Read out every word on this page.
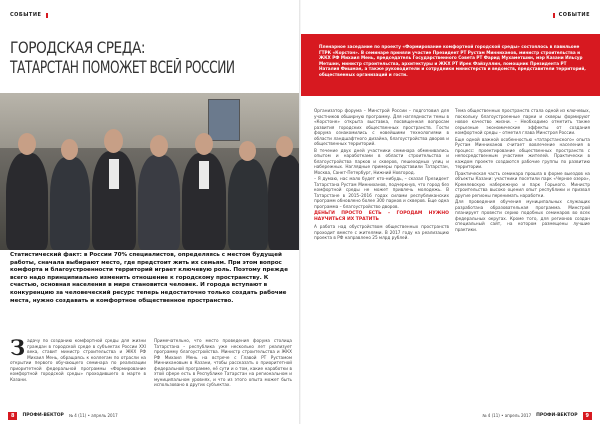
СОБЫТИЕ
ГОРОДСКАЯ СРЕДА:
ТАТАРСТАН ПОМОЖЕТ ВСЕЙ РОССИИ

Статистический факт: в России 70% специалистов, определяясь с местом будущей работы, сначала выбирают место, где предстоит жить их семьям. При этом вопрос комфорта и благоустроенности территорий играет ключевую роль. Поэтому прежде всего надо принципиально изменить отношение к городскому пространству. К счастью, основная населения в мире становится человек. И города вступают в конкуренцию за человеческий ресурс теперь недостаточно только создать рабочие места, нужно создавать и комфортное общественное пространство.

З адачу по созданию комфортной среды для жизни граждан в городской среде в субъектах России XXI века, ставит министр строительства и ЖКХ РФ Михаил Мень, обращаясь к коллегам по отрасли на открытии первого обучающего семинара по реализации приоритетной федеральной программы «Формирование комфортной городской среды» проходившего в марте в Казани.
Примечательно, что место проведения форума столица Татарстана – республика уже несколько лет реализует программу благоустройства. Министр строительства и ЖКХ РФ Михаил Мень на встрече с Главой РТ Рустамом Миннихановым в Казани, чтобы рассказать о приоритетной федеральной программе, её сути и о том, какие наработки в этой сфере есть в Республике Татарстан на региональном и муниципальном уровнях, и что из этого опыта может быть использовано в других субъектах.
8	ПРОФИ-ВЕКТОР № 4 (11) • апрель 2017
СОБЫТИЕ
Пленарное заседание по проекту «Формирование комфортной городской среды» состоялось в павильоне ГТРК «Корстон». В семинаре приняли участие Президент РТ Рустам Минниханов, министр строительства и ЖКХ РФ Михаил Мень, председатель Государственного Совета РТ Фарид Мухаметшин, мэр Казани Ильсур Метшин, министр строительства, архитектуры и ЖКХ РТ Ирек Файзуллин, помощник Президента РТ Наталия Фишман, а также руководители и сотрудники министерств и ведомств, представители территорий, общественных организаций и гости.

Организатор форума – Минстрой России – подготовил для участников обширную программу. Для наглядности темы в «Корстоне» открыта выставка, посвященная вопросам развития городских общественных пространств. Гости форума ознакомились с новейшими технологиями в области ландшафтного дизайна, благоустройства дворов и общественных территорий.

В течение двух дней участники семинара обменивались опытом и наработками в области строительства и благоустройства парков и скверов, пешеходных улиц и набережных. Наглядные примеры представили Татарстан, Москва, Санкт-Петербург, Нижний Новгород.

– Я думаю, нас мало будет кто-нибудь, – сказал Президент Татарстана Рустам Минниханов, подчеркнув, что город без комфортной среды не может привлечь молодежь. В Татарстане в 2015–2016 годах силами республиканских программ обновлено более 300 парков и скверов. Еще одна программа – благоустройство дворов.

ДЕНЬГИ ПРОСТО ЕСТЬ – ГОРОДАМ НУЖНО НАУЧИТЬСЯ ИХ ТРАТИТЬ

А работа над обустройством общественных пространств проходит вместе с жителями. В 2017 году на реализацию проекта в РФ направлено 25 млрд рублей.

Тема общественных пространств стала одной из ключевых, поскольку благоустроенные парки и скверы формируют новое качество жизни. – Необходимо отметить также серьезные экономические эффекты от создания комфортной среды – отметил глава Минстроя России.

Еще одной важной особенностью «татарстанского» опыта Рустам Минниханов считает вовлечение населения в процесс: проектирование общественных пространств с непосредственным участием жителей. Практически в каждом проекте создаются рабочие группы по развитию территории.

Практическая часть семинара прошла в форме выездов на объекты Казани: участники посетили парк «Черное озеро», Кремлевскую набережную и парк Горького. Министр строительства высоко оценил опыт республики и призвал другие регионы перенимать наработки.

Для проведения обучения муниципальных служащих разработана образовательная программа. Минстрой планирует провести серию подобных семинаров во всех федеральных округах. Кроме того, для регионов создан специальный сайт, на котором размещены лучшие практики.

№ 4 (11) • апрель 2017 ПРОФИ-ВЕКТОР	9
